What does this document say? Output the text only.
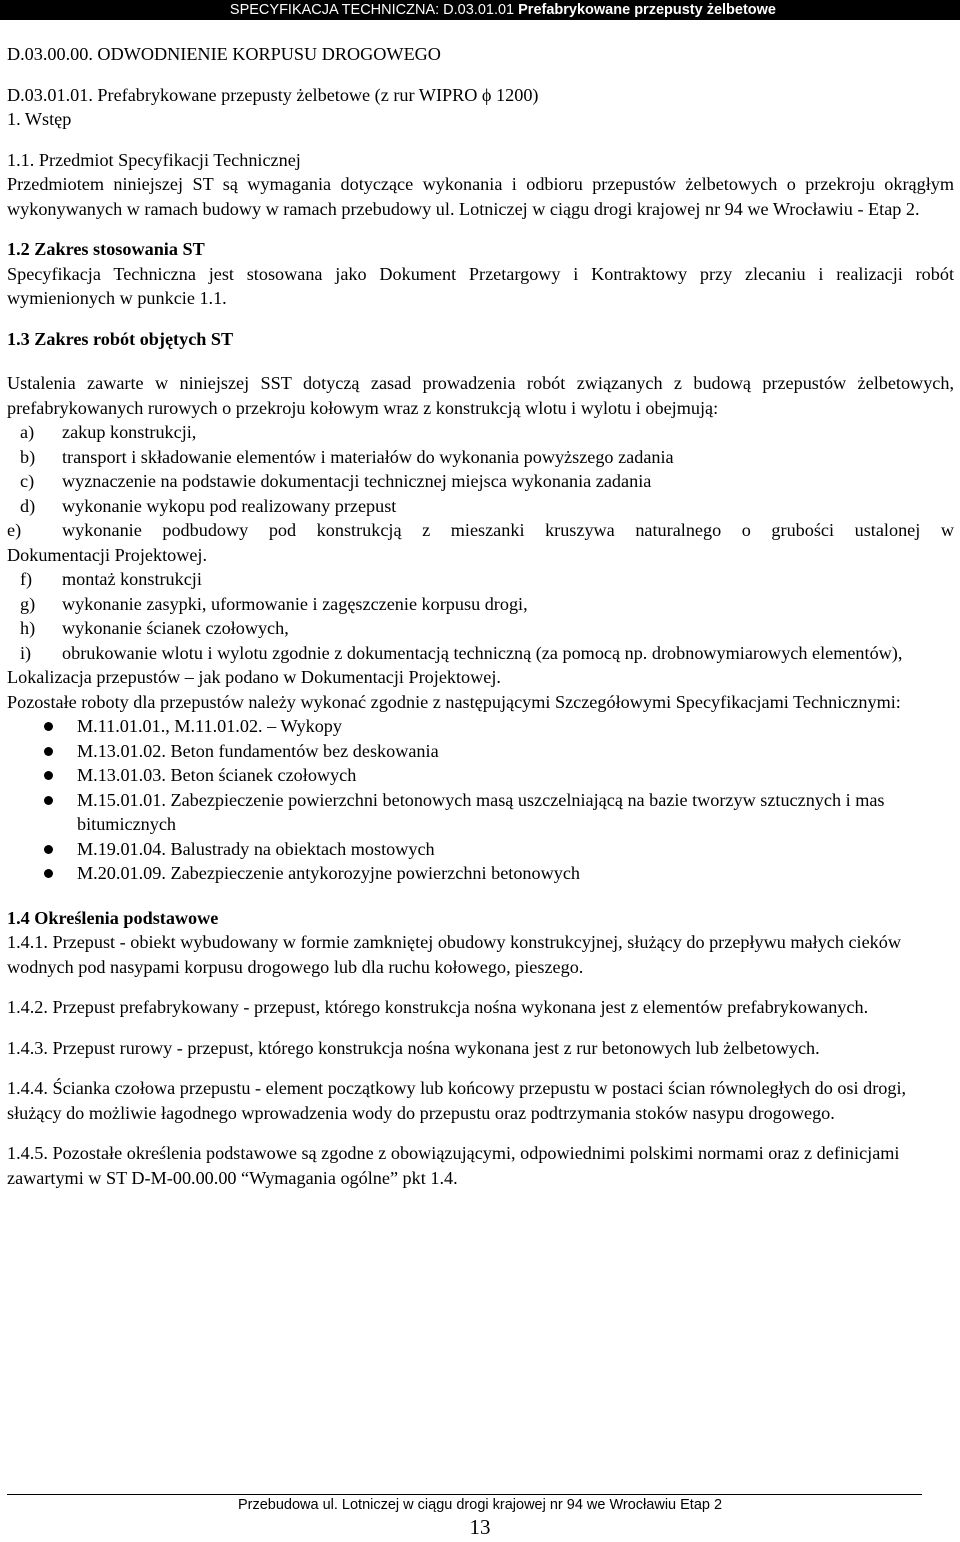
SPECYFIKACJA TECHNICZNA: D.03.01.01 Prefabrykowane przepusty żelbetowe

D.03.00.00. ODWODNIENIE KORPUSU DROGOWEGO

D.03.01.01. Prefabrykowane przepusty żelbetowe (z rur WIPRO ϕ 1200)

1. Wstęp

1.1. Przedmiot Specyfikacji Technicznej

Przedmiotem niniejszej ST są wymagania dotyczące wykonania i odbioru przepustów żelbetowych o przekroju okrągłym wykonywanych w ramach budowy w ramach przebudowy ul. Lotniczej w ciągu drogi krajowej nr 94 we Wrocławiu - Etap 2.

1.2 Zakres stosowania ST

Specyfikacja Techniczna jest stosowana jako Dokument Przetargowy i Kontraktowy przy zlecaniu i realizacji robót wymienionych w punkcie 1.1.

1.3 Zakres robót objętych ST

Ustalenia zawarte w niniejszej SST dotyczą zasad prowadzenia robót związanych z budową przepustów żelbetowych, prefabrykowanych rurowych o przekroju kołowym wraz z konstrukcją wlotu i wylotu i obejmują:

a)	zakup konstrukcji,
b)	transport i składowanie elementów i materiałów do wykonania powyższego zadania
c)	wyznaczenie na podstawie dokumentacji technicznej miejsca wykonania zadania
d)	wykonanie wykopu pod realizowany przepust
e)	wykonanie podbudowy pod konstrukcją z mieszanki kruszywa naturalnego o grubości ustalonej w

Dokumentacji Projektowej.

f)	montaż konstrukcji
g)	wykonanie zasypki, uformowanie i zagęszczenie korpusu drogi,
h)	wykonanie ścianek czołowych,
i)	obrukowanie wlotu i wylotu zgodnie z dokumentacją techniczną (za pomocą np. drobnowymiarowych elementów),

Lokalizacja przepustów – jak podano w Dokumentacji Projektowej.

Pozostałe roboty dla przepustów należy wykonać zgodnie z następującymi Szczegółowymi Specyfikacjami Technicznymi:

M.11.01.01., M.11.01.02. – Wykopy
M.13.01.02. Beton fundamentów bez deskowania
M.13.01.03. Beton ścianek czołowych
M.15.01.01. Zabezpieczenie powierzchni betonowych masą uszczelniającą na bazie tworzyw sztucznych i mas bitumicznych
M.19.01.04. Balustrady na obiektach mostowych
M.20.01.09. Zabezpieczenie antykorozyjne powierzchni betonowych

1.4 Określenia podstawowe

1.4.1. Przepust - obiekt wybudowany w formie zamkniętej obudowy konstrukcyjnej, służący do przepływu małych cieków wodnych pod nasypami korpusu drogowego lub dla ruchu kołowego, pieszego.

1.4.2. Przepust prefabrykowany - przepust, którego konstrukcja nośna wykonana jest z elementów prefabrykowanych.

1.4.3. Przepust rurowy - przepust, którego konstrukcja nośna wykonana jest z rur betonowych lub żelbetowych.

1.4.4. Ścianka czołowa przepustu - element początkowy lub końcowy przepustu w postaci ścian równoległych do osi drogi, służący do możliwie łagodnego wprowadzenia wody do przepustu oraz podtrzymania stoków nasypu drogowego.

1.4.5. Pozostałe określenia podstawowe są zgodne z obowiązującymi, odpowiednimi polskimi normami oraz z definicjami zawartymi w ST D-M-00.00.00 “Wymagania ogólne” pkt 1.4.

Przebudowa ul. Lotniczej w ciągu drogi krajowej nr 94 we Wrocławiu Etap 2
13
